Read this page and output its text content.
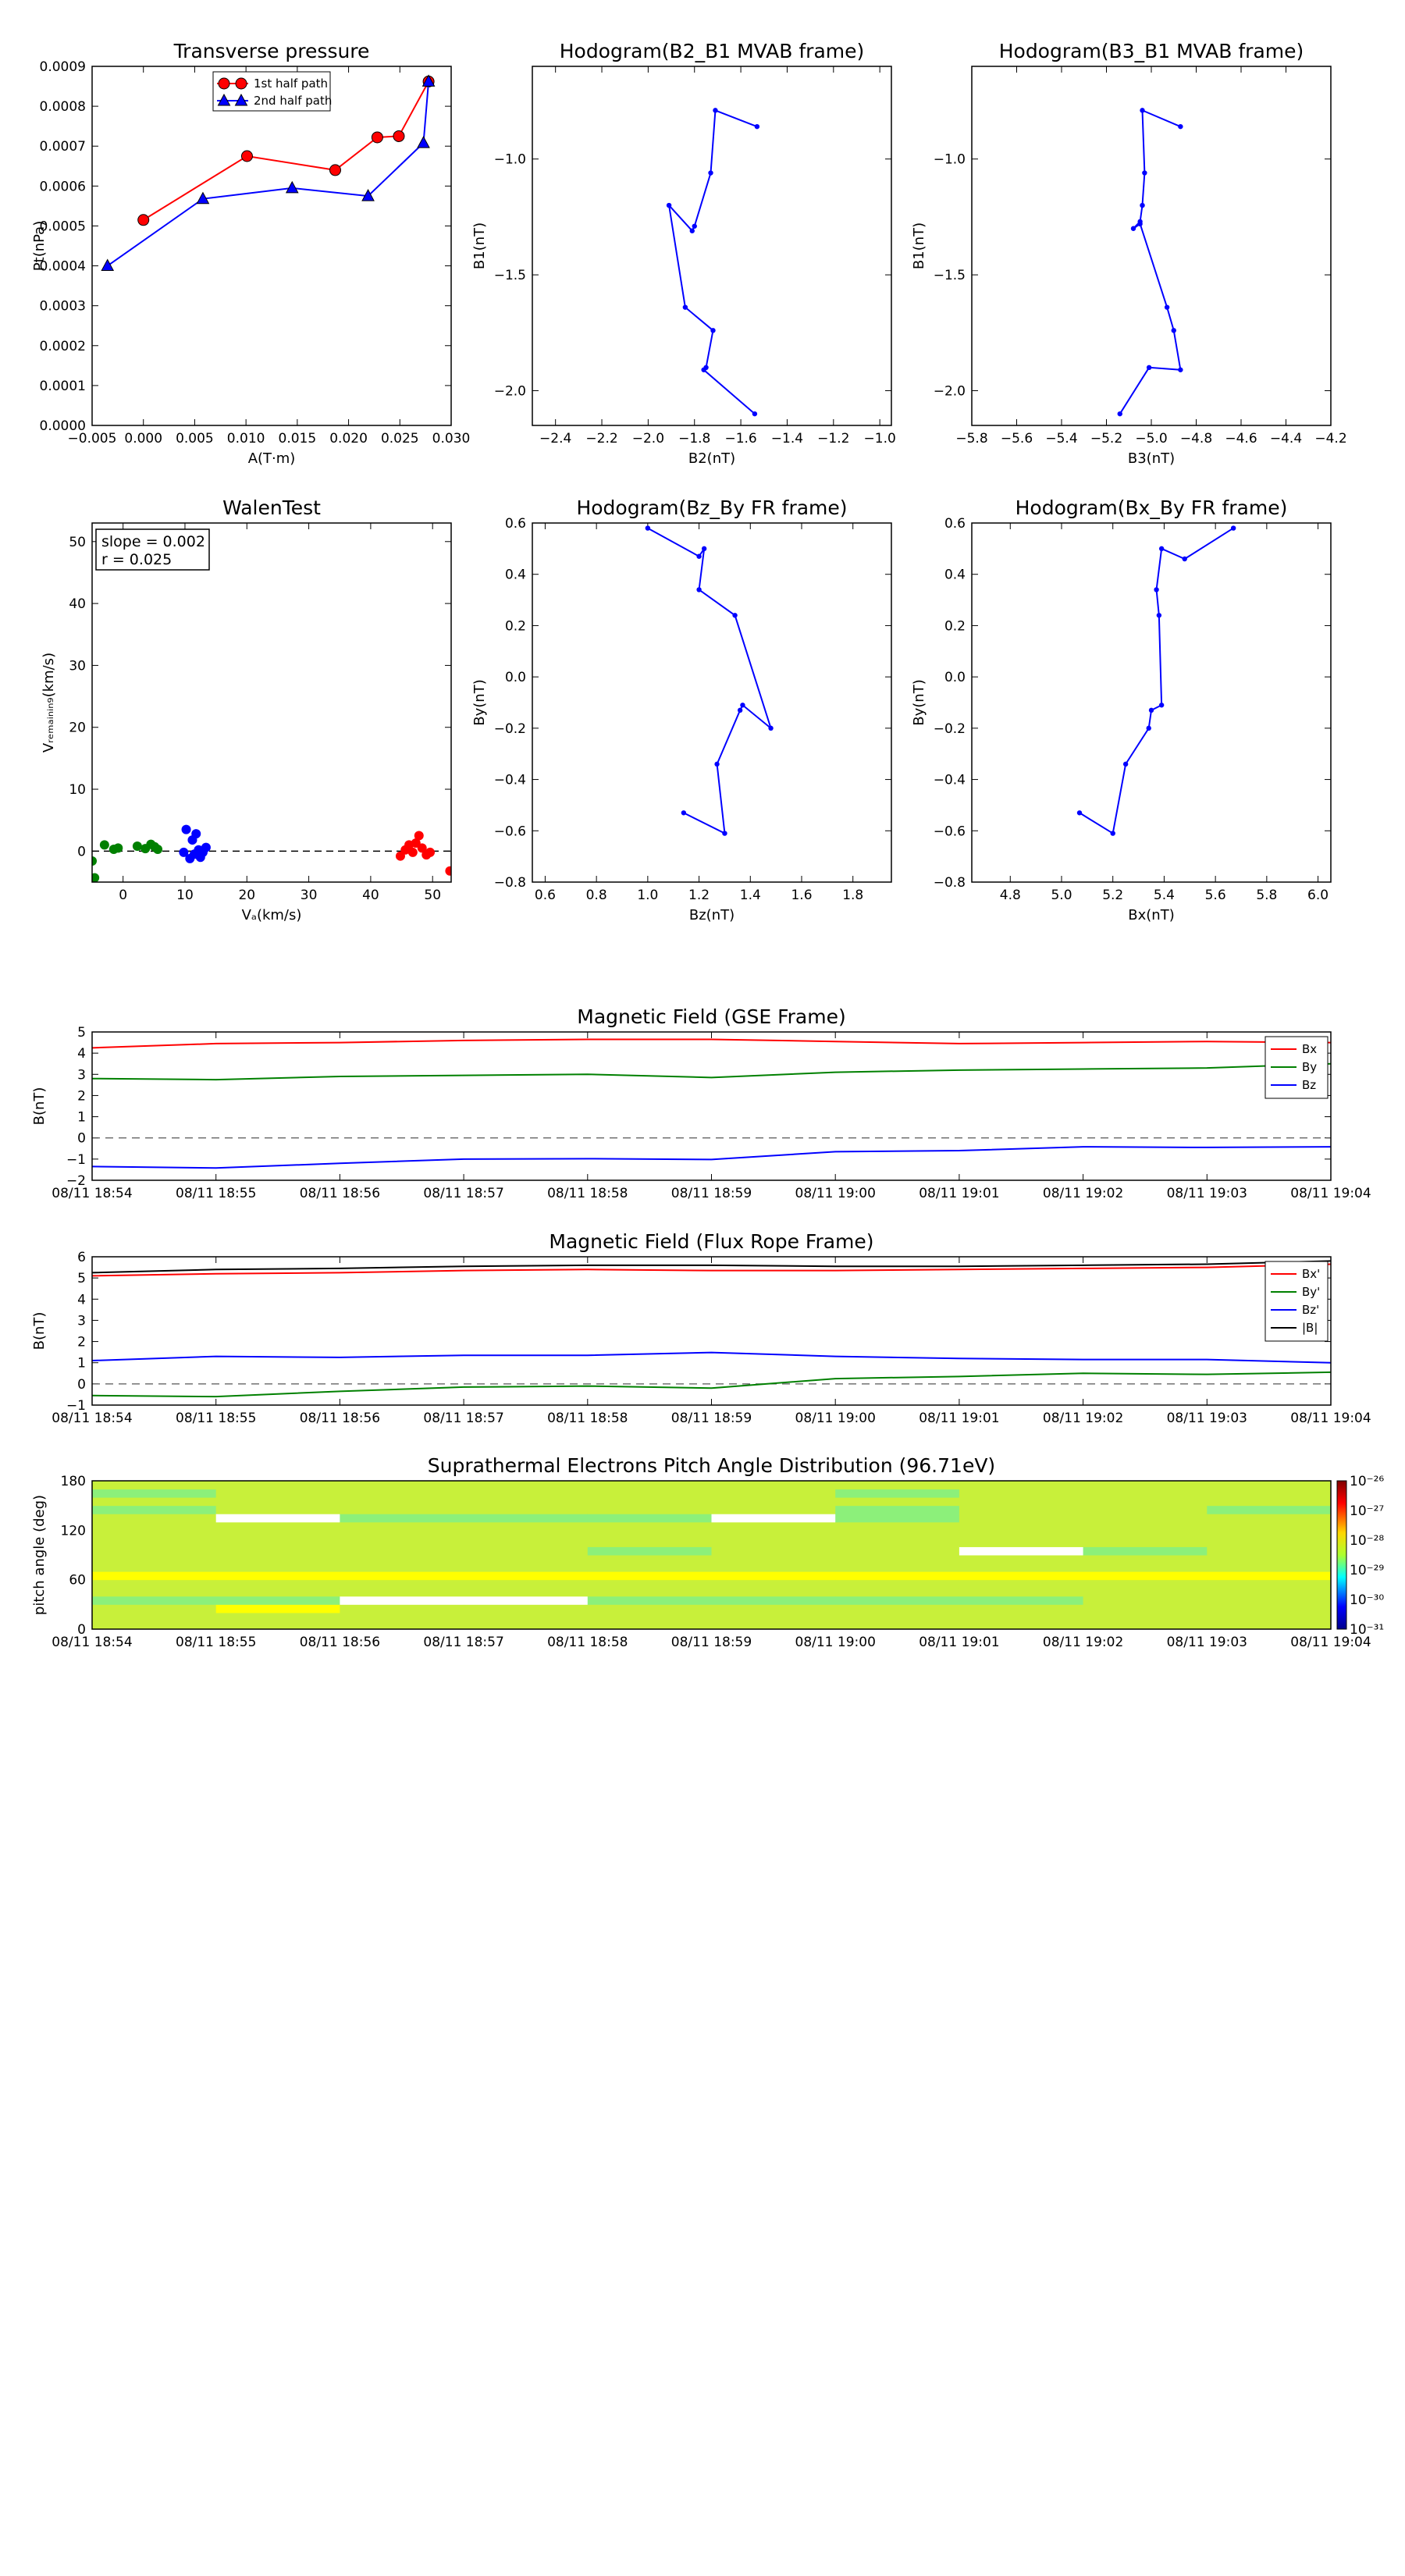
Transverse pressure
−0.005 0.000 0.005 0.010 0.015 0.020 0.025 0.030
0.0000
0.0001
0.0002
0.0003
0.0004
0.0005
0.0006
0.0007
0.0008
0.0009
A(T·m)
Pt(nPa)
1st half path
2nd half path
Hodogram(B2_B1 MVAB frame)
−2.4 −2.2 −2.0 −1.8 −1.6 −1.4 −1.2 −1.0
−2.0
−1.5
−1.0
B2(nT)
B1(nT)
Hodogram(B3_B1 MVAB frame)
−5.8 −5.6 −5.4 −5.2 −5.0 −4.8 −4.6 −4.4 −4.2
−2.0
−1.5
−1.0
B3(nT)
B1(nT)
WalenTest
0	10	20	30	40	50
0
10
20
30
40
50
Vₐ(km/s)
Vᵣₑₘₐᵢₙᵢₙ₉(km/s)
slope = 0.002
r = 0.025
Hodogram(Bz_By FR frame)
0.6 0.8 1.0 1.2 1.4 1.6 1.8
−0.8
−0.6
−0.4
−0.2
0.0
0.2
0.4
0.6
Bz(nT)
By(nT)
Hodogram(Bx_By FR frame)
4.8 5.0 5.2 5.4 5.6 5.8 6.0
−0.8
−0.6
−0.4
−0.2
0.0
0.2
0.4
0.6
Bx(nT)
By(nT)
Magnetic Field (GSE Frame)
08/11 18:54	08/11 18:55	08/11 18:56	08/11 18:57	08/11 18:58	08/11 18:59	08/11 19:00	08/11 19:01	08/11 19:02	08/11 19:03	08/11 19:04
−2
−1
0
1
2
3
4
5
B(nT)
Bx
By
Bz
Magnetic Field (Flux Rope Frame)
08/11 18:54	08/11 18:55	08/11 18:56	08/11 18:57	08/11 18:58	08/11 18:59	08/11 19:00	08/11 19:01	08/11 19:02	08/11 19:03	08/11 19:04
−1
0
1
2
3
4
5
6
B(nT)
Bx'
By'
Bz'
|B|
Suprathermal Electrons Pitch Angle Distribution (96.71eV)
08/11 18:54	08/11 18:55	08/11 18:56	08/11 18:57	08/11 18:58	08/11 18:59	08/11 19:00	08/11 19:01	08/11 19:02	08/11 19:03	08/11 19:04
0
60
120
180
pitch angle (deg)
10⁻²⁶
10⁻²⁷
10⁻²⁸
10⁻²⁹
10⁻³⁰
10⁻³¹
